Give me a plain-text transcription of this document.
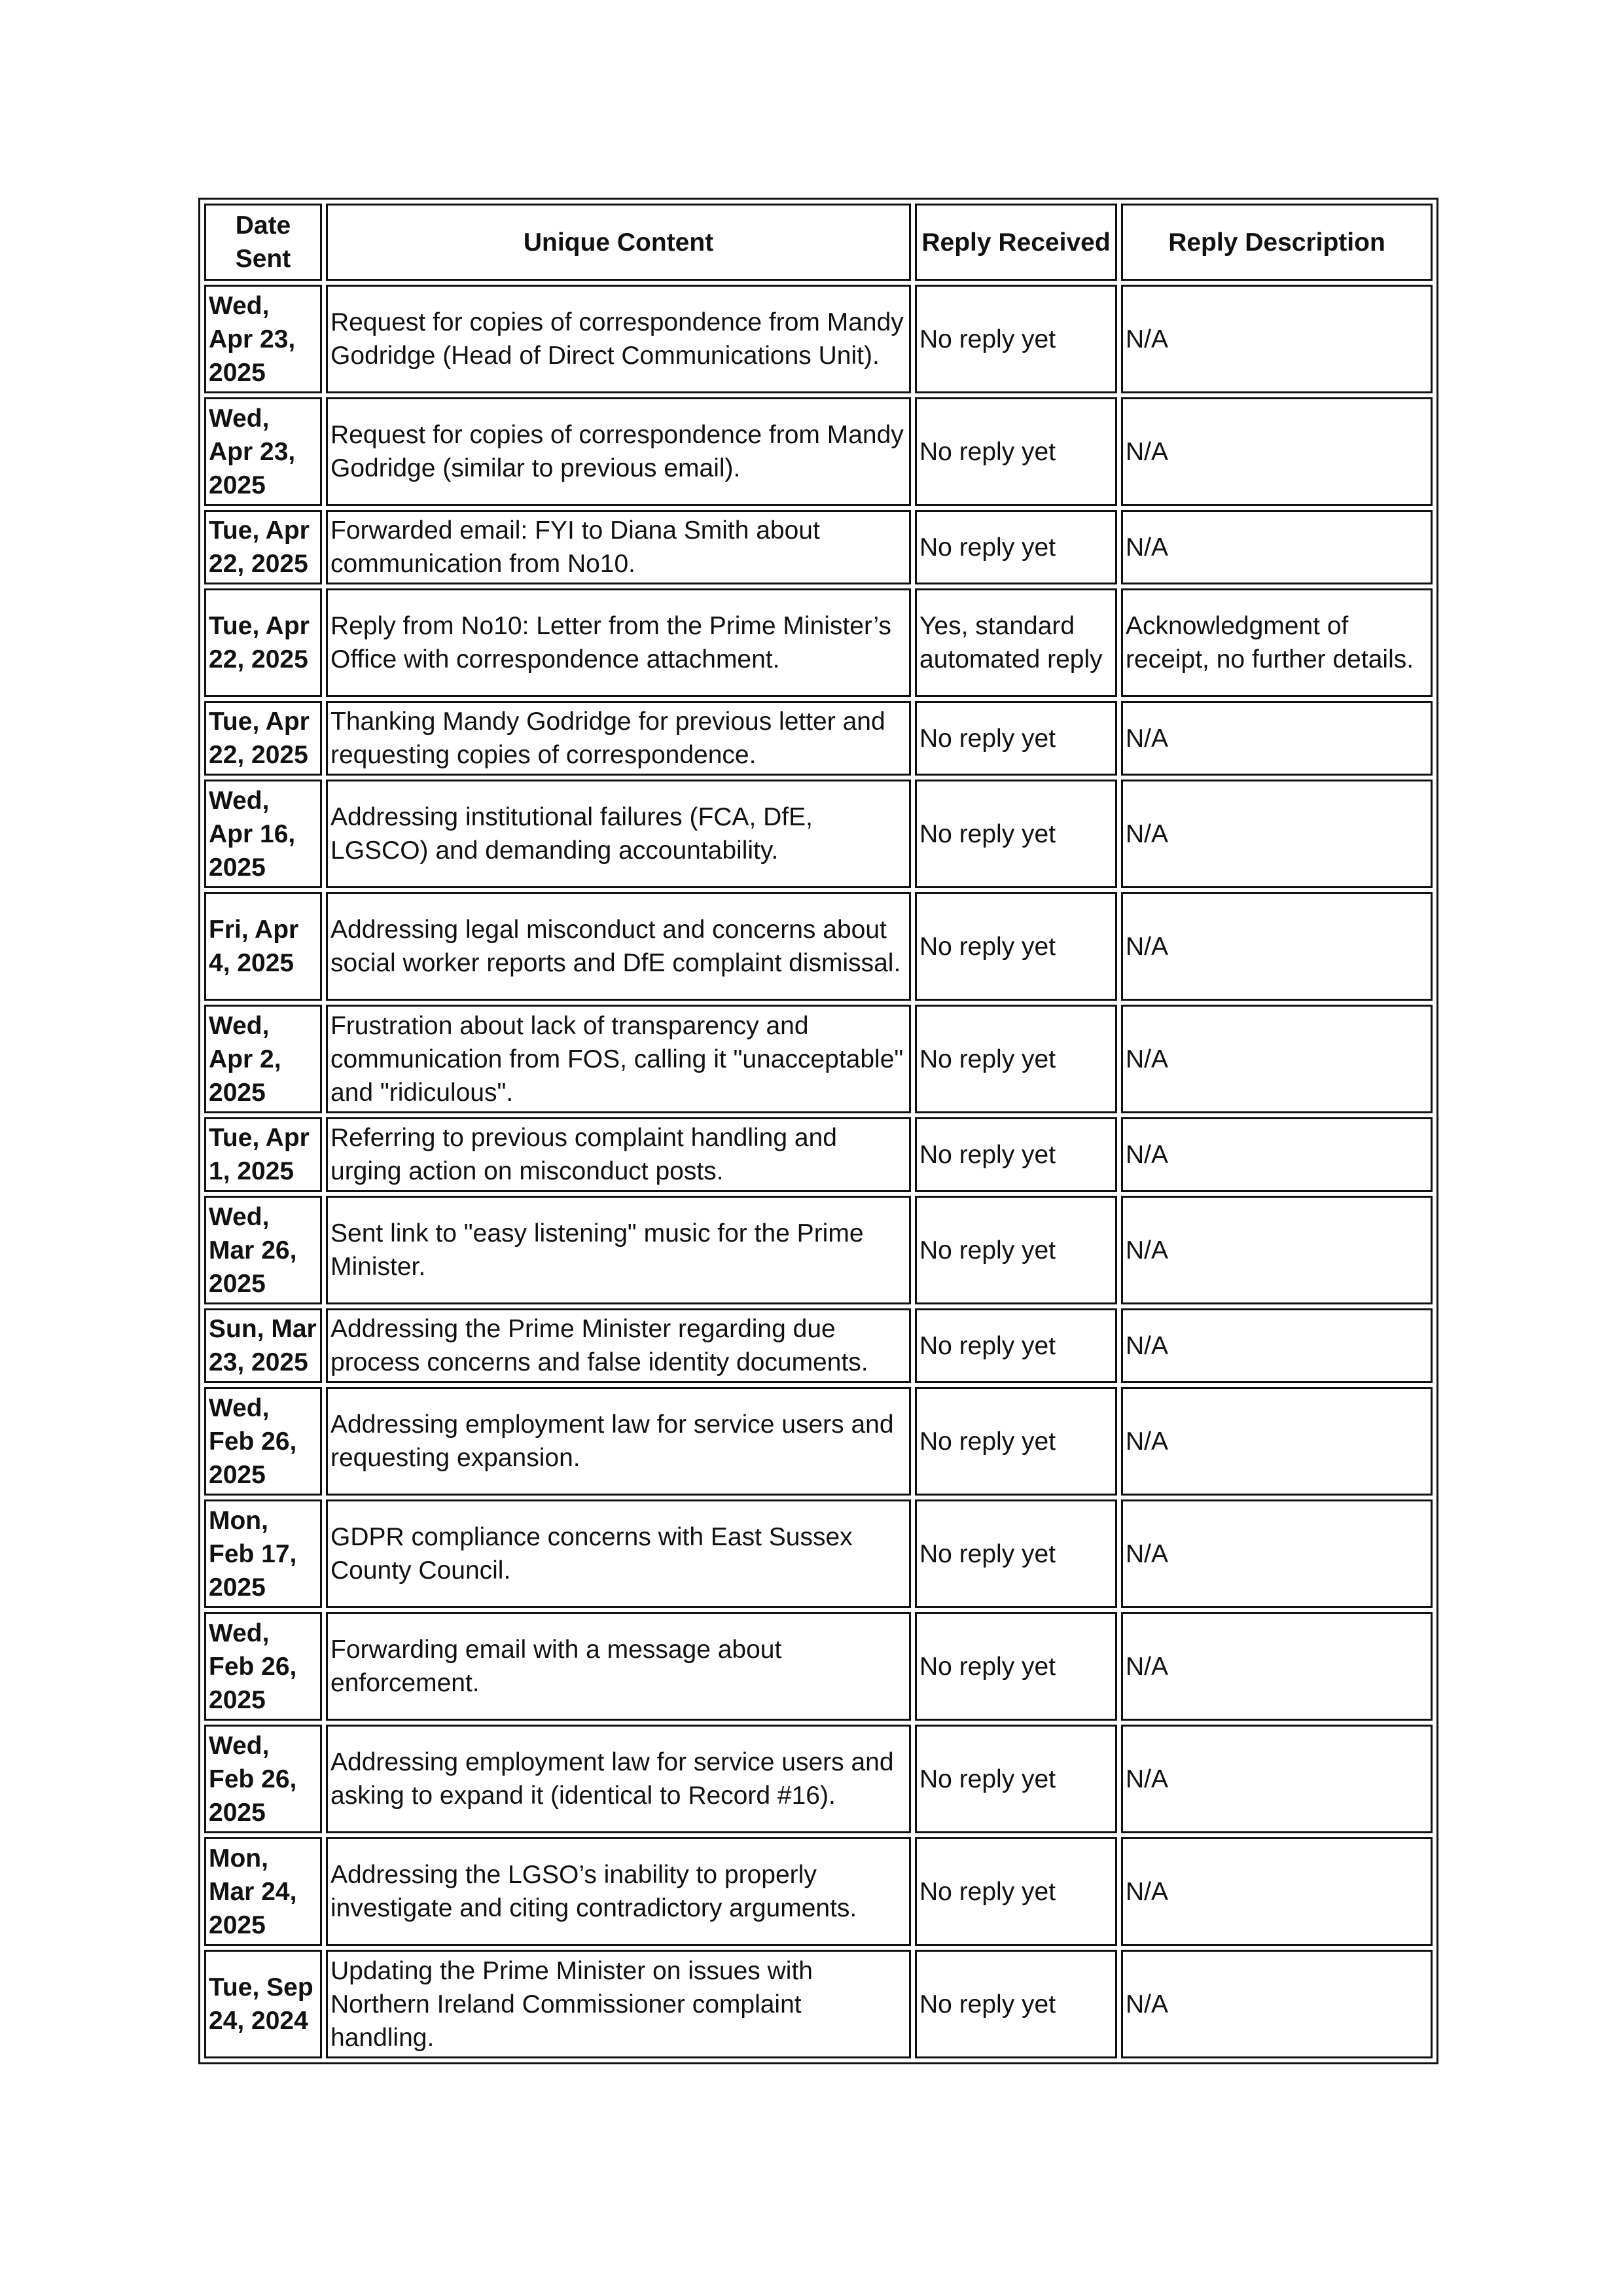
Date Sent	Unique Content	Reply Received	Reply Description
Wed, Apr 23, 2025	Request for copies of correspondence from Mandy Godridge (Head of Direct Communications Unit).	No reply yet	N/A
Wed, Apr 23, 2025	Request for copies of correspondence from Mandy Godridge (similar to previous email).	No reply yet	N/A
Tue, Apr 22, 2025	Forwarded email: FYI to Diana Smith about communication from No10.	No reply yet	N/A
Tue, Apr 22, 2025	Reply from No10: Letter from the Prime Minister’s Office with correspondence attachment.	Yes, standard automated reply	Acknowledgment of receipt, no further details.
Tue, Apr 22, 2025	Thanking Mandy Godridge for previous letter and requesting copies of correspondence.	No reply yet	N/A
Wed, Apr 16, 2025	Addressing institutional failures (FCA, DfE, LGSCO) and demanding accountability.	No reply yet	N/A
Fri, Apr 4, 2025	Addressing legal misconduct and concerns about social worker reports and DfE complaint dismissal.	No reply yet	N/A
Wed, Apr 2, 2025	Frustration about lack of transparency and communication from FOS, calling it "unacceptable" and "ridiculous".	No reply yet	N/A
Tue, Apr 1, 2025	Referring to previous complaint handling and urging action on misconduct posts.	No reply yet	N/A
Wed, Mar 26, 2025	Sent link to "easy listening" music for the Prime Minister.	No reply yet	N/A
Sun, Mar 23, 2025	Addressing the Prime Minister regarding due process concerns and false identity documents.	No reply yet	N/A
Wed, Feb 26, 2025	Addressing employment law for service users and requesting expansion.	No reply yet	N/A
Mon, Feb 17, 2025	GDPR compliance concerns with East Sussex County Council.	No reply yet	N/A
Wed, Feb 26, 2025	Forwarding email with a message about enforcement.	No reply yet	N/A
Wed, Feb 26, 2025	Addressing employment law for service users and asking to expand it (identical to Record #16).	No reply yet	N/A
Mon, Mar 24, 2025	Addressing the LGSO’s inability to properly investigate and citing contradictory arguments.	No reply yet	N/A
Tue, Sep 24, 2024	Updating the Prime Minister on issues with Northern Ireland Commissioner complaint handling.	No reply yet	N/A
